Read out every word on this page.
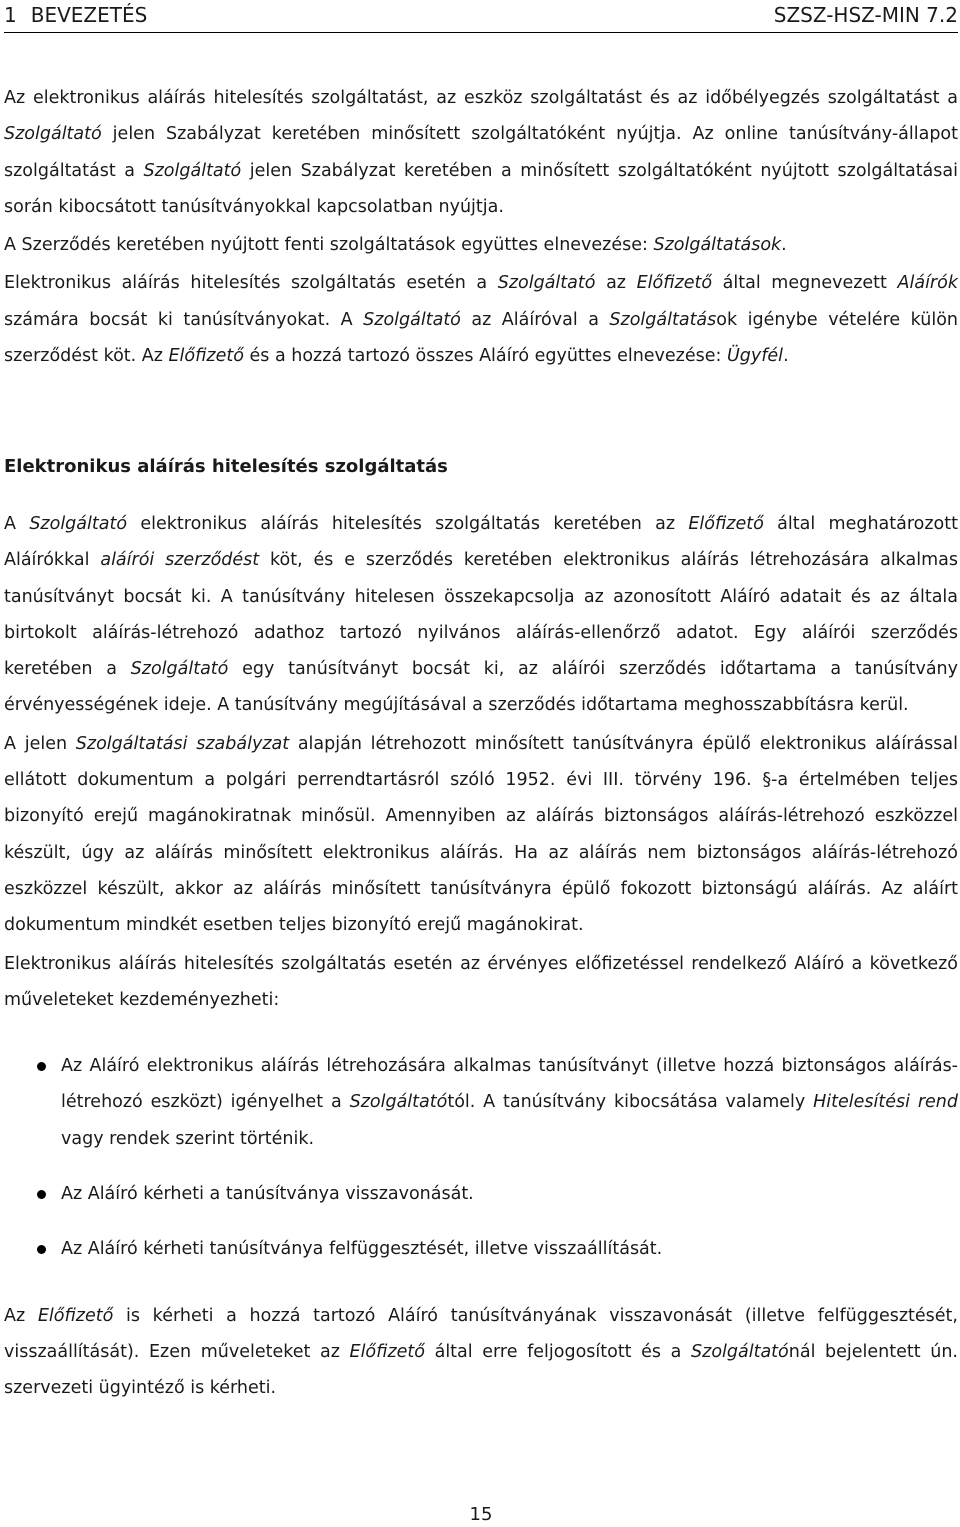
1 BEVEZETÉS	SZSZ-HSZ-MIN 7.2

Az elektronikus aláírás hitelesítés szolgáltatást, az eszköz szolgáltatást és az időbélyegzés szolgáltatást a Szolgáltató jelen Szabályzat keretében minősített szolgáltatóként nyújtja. Az online tanúsítvány-állapot szolgáltatást a Szolgáltató jelen Szabályzat keretében a minősített szolgáltatóként nyújtott szolgáltatásai során kibocsátott tanúsítványokkal kapcsolatban nyújtja.

A Szerződés keretében nyújtott fenti szolgáltatások együttes elnevezése: Szolgáltatások.

Elektronikus aláírás hitelesítés szolgáltatás esetén a Szolgáltató az Előfizető által megnevezett Aláírók számára bocsát ki tanúsítványokat. A Szolgáltató az Aláíróval a Szolgáltatások igénybe vételére külön szerződést köt. Az Előfizető és a hozzá tartozó összes Aláíró együttes elnevezése: Ügyfél.

Elektronikus aláírás hitelesítés szolgáltatás

A Szolgáltató elektronikus aláírás hitelesítés szolgáltatás keretében az Előfizető által meghatározott Aláírókkal aláírói szerződést köt, és e szerződés keretében elektronikus aláírás létrehozására alkalmas tanúsítványt bocsát ki. A tanúsítvány hitelesen összekapcsolja az azonosított Aláíró adatait és az általa birtokolt aláírás-létrehozó adathoz tartozó nyilvános aláírás-ellenőrző adatot. Egy aláírói szerződés keretében a Szolgáltató egy tanúsítványt bocsát ki, az aláírói szerződés időtartama a tanúsítvány érvényességének ideje. A tanúsítvány megújításával a szerződés időtartama meghosszabbításra kerül.

A jelen Szolgáltatási szabályzat alapján létrehozott minősített tanúsítványra épülő elektronikus aláírással ellátott dokumentum a polgári perrendtartásról szóló 1952. évi III. törvény 196. §-a értelmében teljes bizonyító erejű magánokiratnak minősül. Amennyiben az aláírás biztonságos aláírás-létrehozó eszközzel készült, úgy az aláírás minősített elektronikus aláírás. Ha az aláírás nem biztonságos aláírás-létrehozó eszközzel készült, akkor az aláírás minősített tanúsítványra épülő fokozott biztonságú aláírás. Az aláírt dokumentum mindkét esetben teljes bizonyító erejű magánokirat.

Elektronikus aláírás hitelesítés szolgáltatás esetén az érvényes előfizetéssel rendelkező Aláíró a következő műveleteket kezdeményezheti:

Az Aláíró elektronikus aláírás létrehozására alkalmas tanúsítványt (illetve hozzá biztonságos aláírás-létrehozó eszközt) igényelhet a Szolgáltatótól. A tanúsítvány kibocsátása valamely Hitelesítési rend vagy rendek szerint történik.
Az Aláíró kérheti a tanúsítványa visszavonását.
Az Aláíró kérheti tanúsítványa felfüggesztését, illetve visszaállítását.

Az Előfizető is kérheti a hozzá tartozó Aláíró tanúsítványának visszavonását (illetve felfüggesztését, visszaállítását). Ezen műveleteket az Előfizető által erre feljogosított és a Szolgáltatónál bejelentett ún. szervezeti ügyintéző is kérheti.

15
